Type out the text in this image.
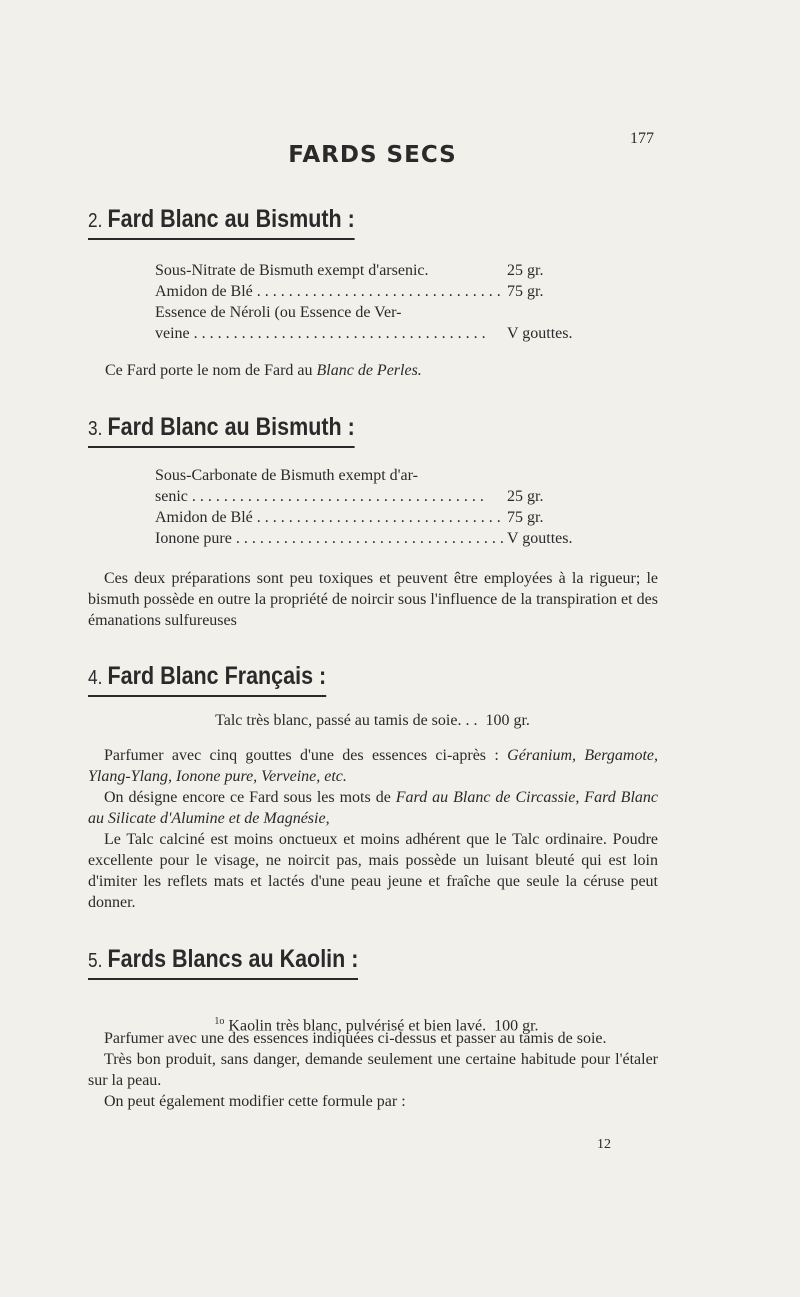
177
FARDS SECS
2. Fard Blanc au Bismuth :
Sous-Nitrate de Bismuth exempt d'arsenic.	25 gr.
Amidon de Blé . . .	75 gr.
Essence de Néroli (ou Essence de Ver-
veine . . .	V gouttes.

Ce Fard porte le nom de Fard au Blanc de Perles.

3. Fard Blanc au Bismuth :
Sous-Carbonate de Bismuth exempt d'ar-
senic . . .	25 gr.
Amidon de Blé . . .	75 gr.
Ionone pure . . .	V gouttes.

Ces deux préparations sont peu toxiques et peuvent être employées à la rigueur; le bismuth possède en outre la propriété de noircir sous l'influence de la transpiration et des émanations sulfureuses

4. Fard Blanc Français :
Talc très blanc, passé au tamis de soie. . .  100 gr.

Parfumer avec cinq gouttes d'une des essences ci-après : Géranium, Bergamote, Ylang-Ylang, Ionone pure, Verveine, etc.

On désigne encore ce Fard sous les mots de Fard au Blanc de Circassie, Fard Blanc au Silicate d'Alumine et de Magnésie,

Le Talc calciné est moins onctueux et moins adhérent que le Talc ordinaire. Poudre excellente pour le visage, ne noircit pas, mais possède un luisant bleuté qui est loin d'imiter les reflets mats et lactés d'une peau jeune et fraîche que seule la céruse peut donner.

5. Fards Blancs au Kaolin :

$^{1o}$ Kaolin très blanc, pulvérisé et bien lavé.  100 gr.

Parfumer avec une des essences indiquées ci-dessus et passer au tamis de soie.

Très bon produit, sans danger, demande seulement une certaine habitude pour l'étaler sur la peau.

On peut également modifier cette formule par :

12
